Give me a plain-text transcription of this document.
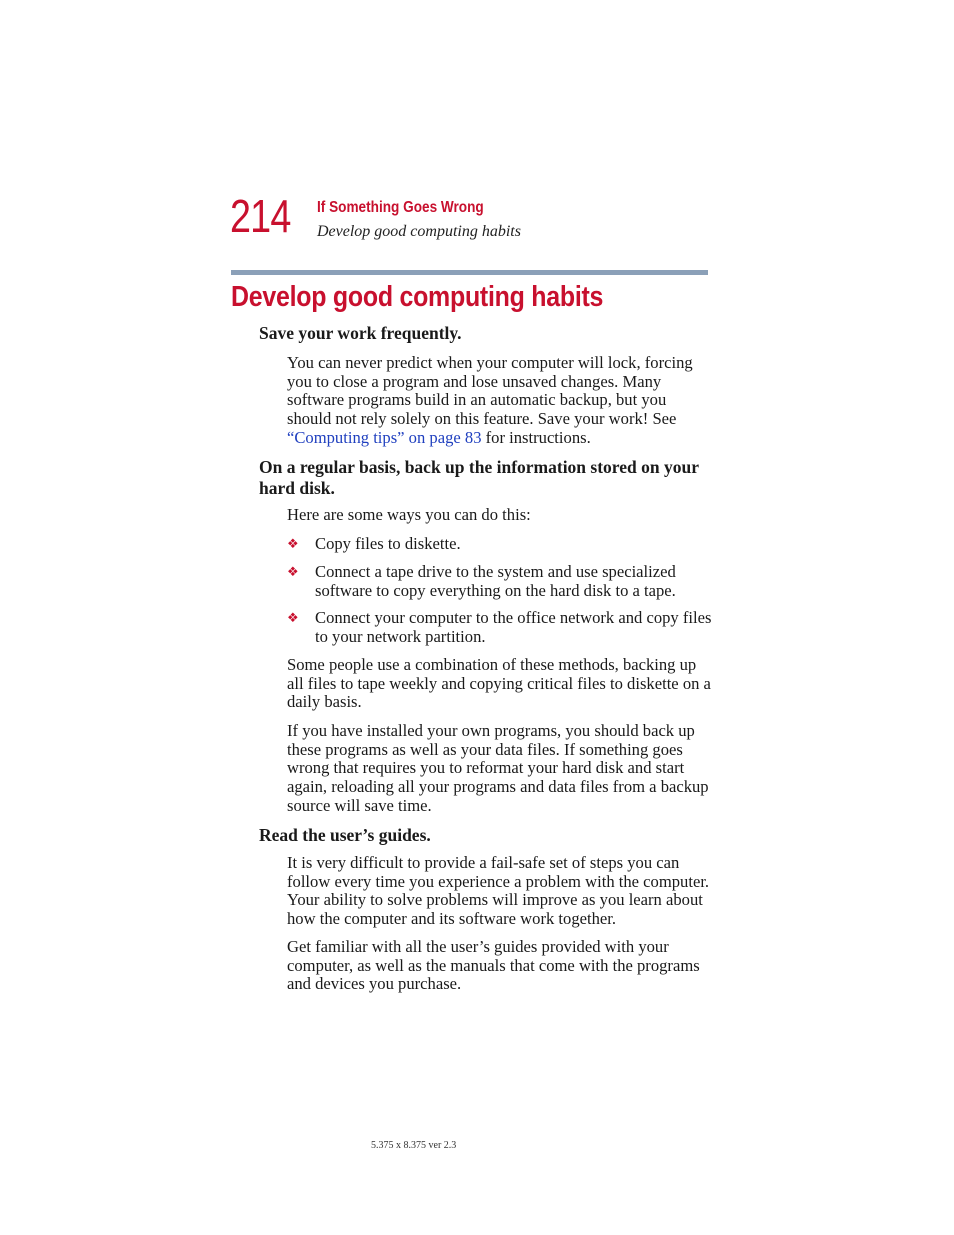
214 If Something Goes Wrong
Develop good computing habits
Develop good computing habits
Save your work frequently.
You can never predict when your computer will lock, forcing you to close a program and lose unsaved changes. Many software programs build in an automatic backup, but you should not rely solely on this feature. Save your work! See “Computing tips” on page 83 for instructions.
On a regular basis, back up the information stored on your hard disk.
Here are some ways you can do this:
❖ Copy files to diskette.
❖ Connect a tape drive to the system and use specialized software to copy everything on the hard disk to a tape.
❖ Connect your computer to the office network and copy files to your network partition.
Some people use a combination of these methods, backing up all files to tape weekly and copying critical files to diskette on a daily basis.
If you have installed your own programs, you should back up these programs as well as your data files. If something goes wrong that requires you to reformat your hard disk and start again, reloading all your programs and data files from a backup source will save time.
Read the user’s guides.
It is very difficult to provide a fail-safe set of steps you can follow every time you experience a problem with the computer. Your ability to solve problems will improve as you learn about how the computer and its software work together.
Get familiar with all the user’s guides provided with your computer, as well as the manuals that come with the programs and devices you purchase.
5.375 x 8.375 ver 2.3
